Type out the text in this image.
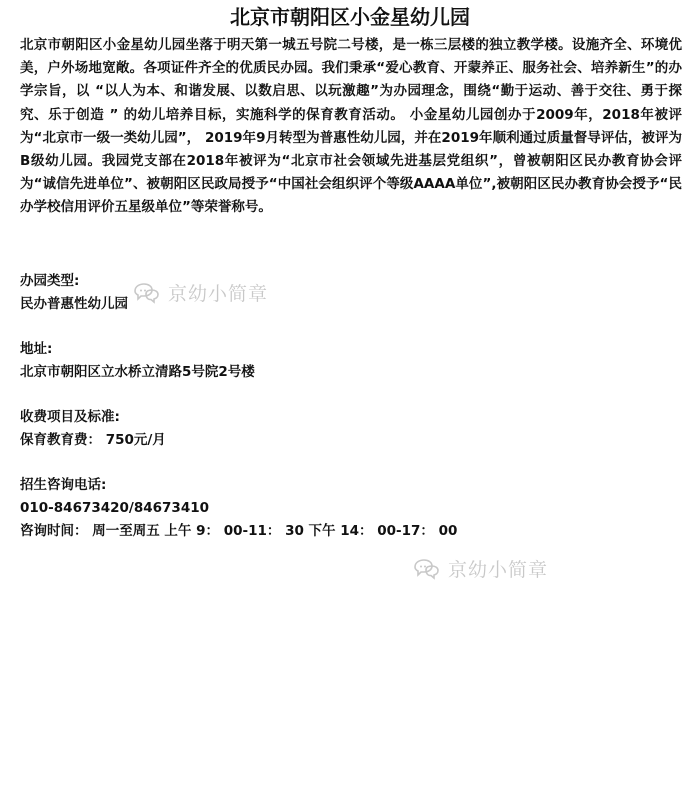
北京市朝阳区小金星幼儿园

北京市朝阳区小金星幼儿园坐落于明天第一城五号院二号楼，是一栋三层楼的独立教学楼。设施齐全、环境优美，户外场地宽敞。各项证件齐全的优质民办园。我们秉承“爱心教育、开蒙养正、服务社会、培养新生”的办学宗旨，以 “以人为本、和谐发展、以数启思、以玩激趣”为办园理念，围绕“勤于运动、善于交往、勇于探究、乐于创造 ” 的幼儿培养目标，实施科学的保育教育活动。 小金星幼儿园创办于2009年，2018年被评为“北京市一级一类幼儿园”， 2019年9月转型为普惠性幼儿园，并在2019年顺利通过质量督导评估，被评为B级幼儿园。我园党支部在2018年被评为“北京市社会领域先进基层党组织”，曾被朝阳区民办教育协会评为“诚信先进单位”、被朝阳区民政局授予“中国社会组织评个等级AAAA单位”,被朝阳区民办教育协会授予“民办学校信用评价五星级单位”等荣誉称号。

办园类型:

民办普惠性幼儿园

地址:

北京市朝阳区立水桥立清路5号院2号楼

收费项目及标准:

保育教育费： 750元/月

招生咨询电话:

010-84673420/84673410

咨询时间： 周一至周五 上午 9： 00-11： 30 下午 14： 00-17： 00

京幼小简章
京幼小简章
